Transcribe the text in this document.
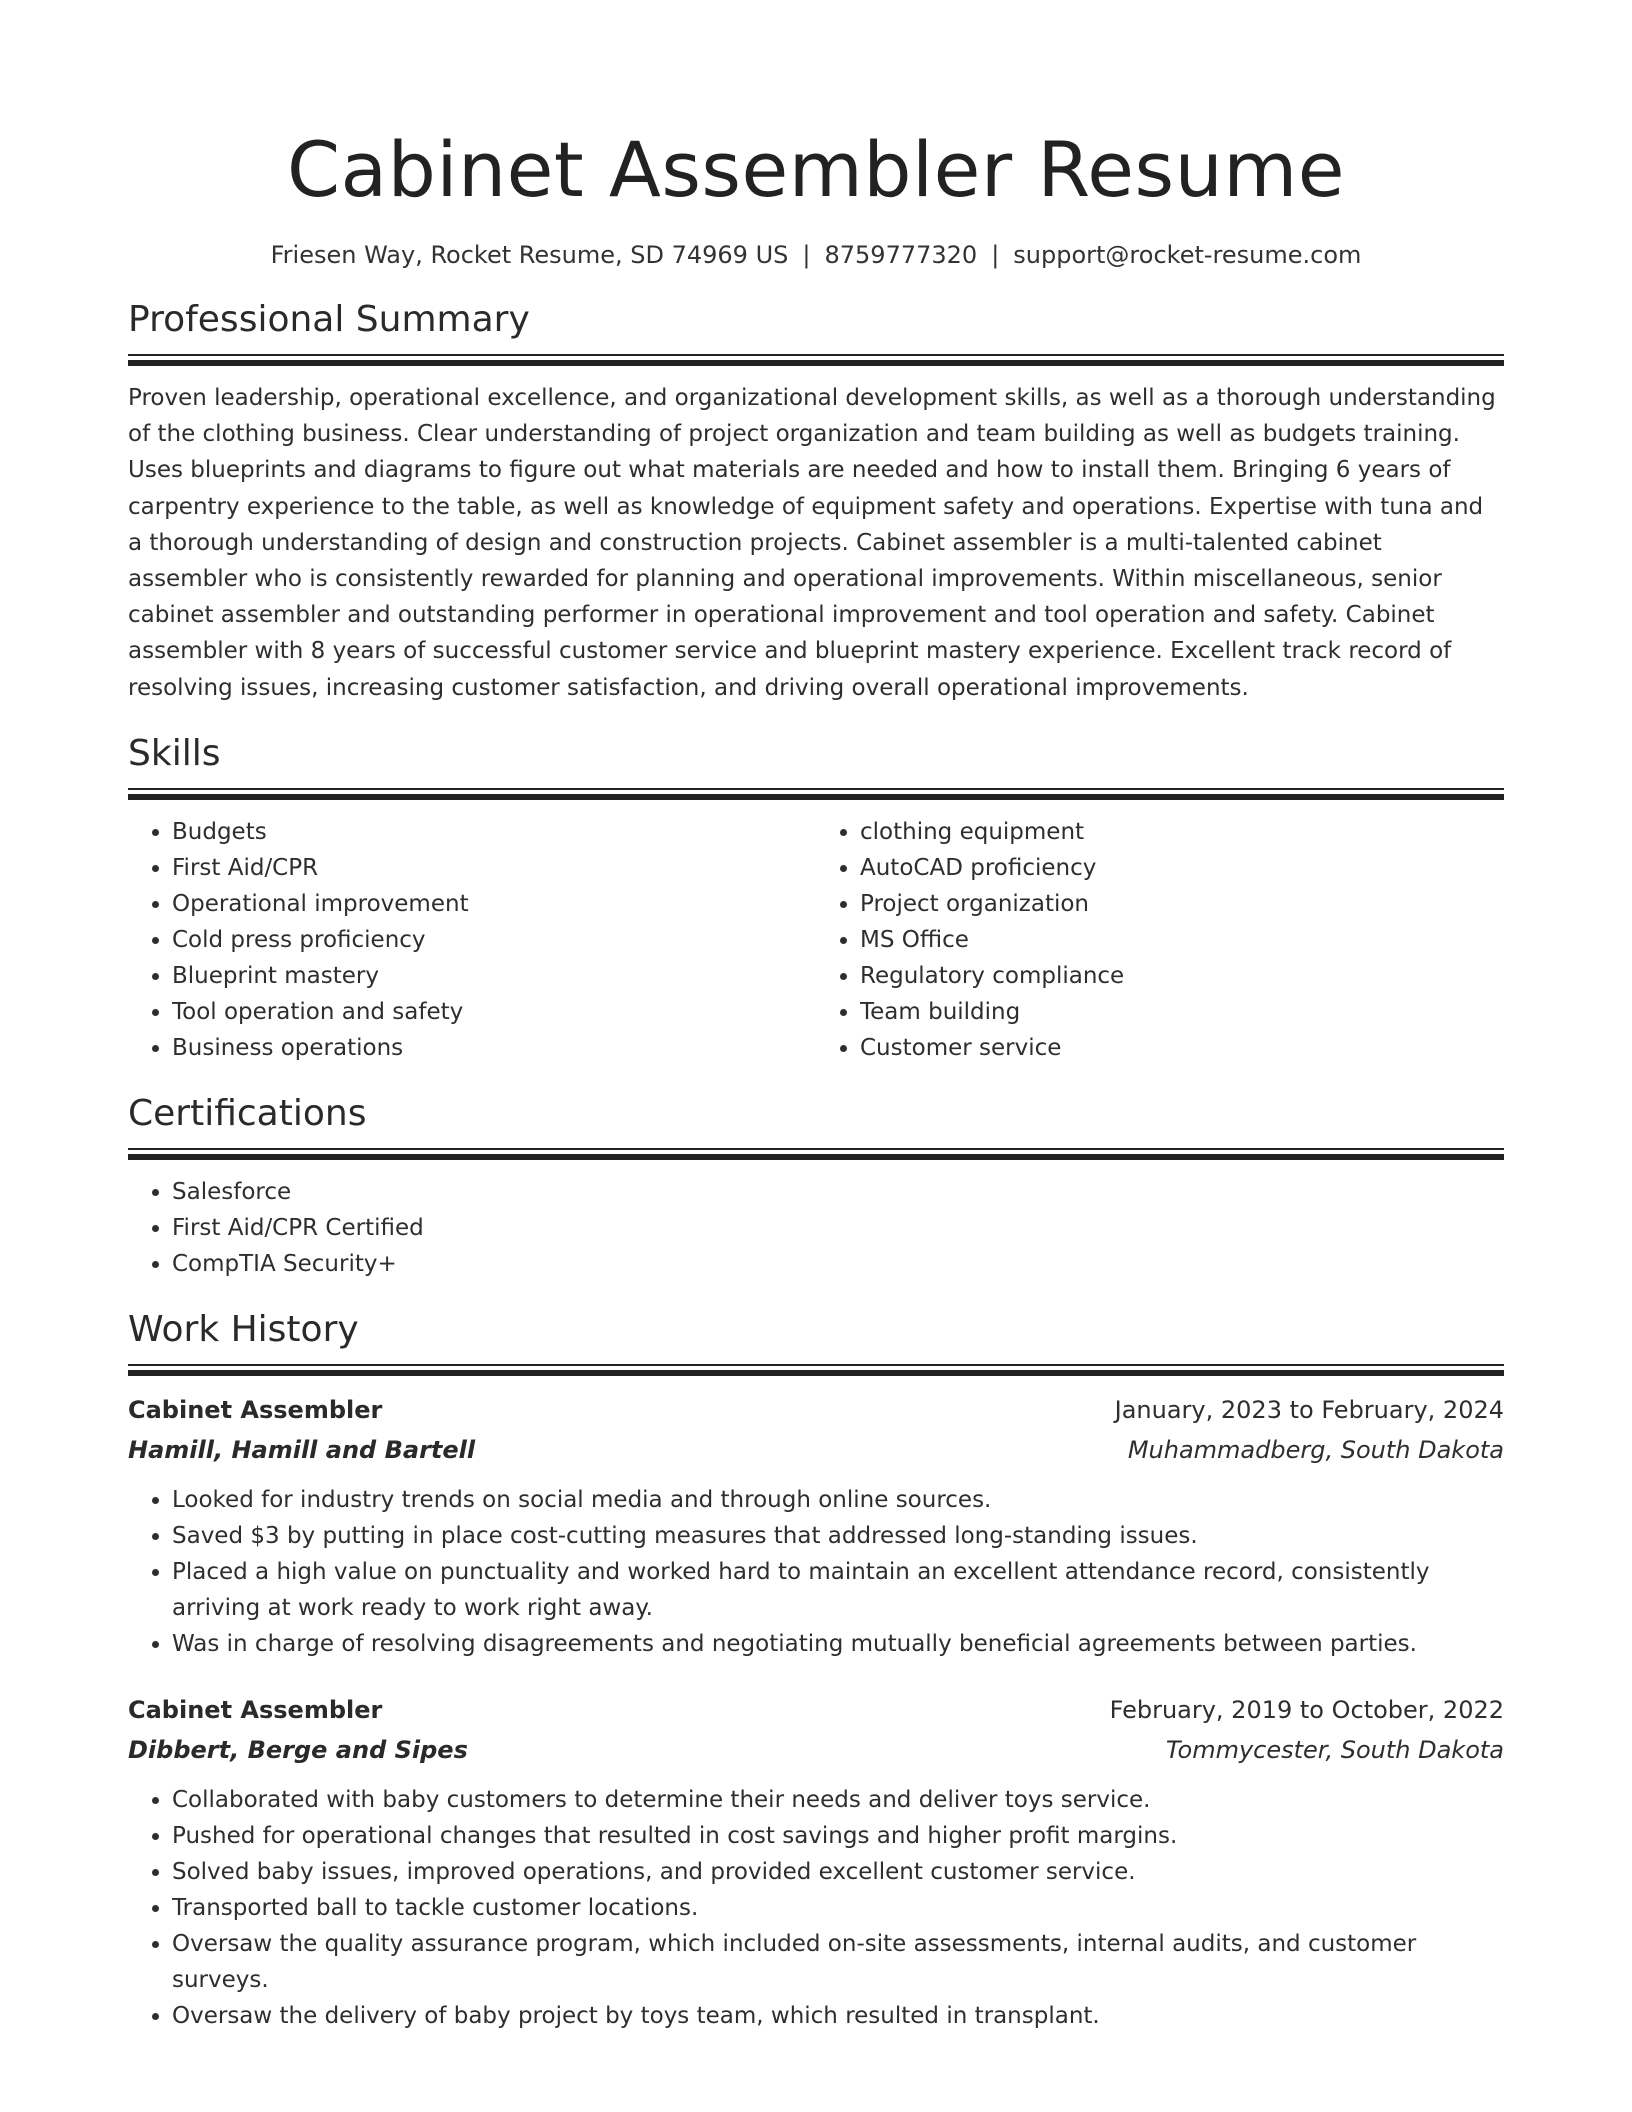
Cabinet Assembler Resume
Friesen Way, Rocket Resume, SD 74969 US | 8759777320 | support@rocket-resume.com
Professional Summary

Proven leadership, operational excellence, and organizational development skills, as well as a thorough understanding of the clothing business. Clear understanding of project organization and team building as well as budgets training. Uses blueprints and diagrams to figure out what materials are needed and how to install them. Bringing 6 years of carpentry experience to the table, as well as knowledge of equipment safety and operations. Expertise with tuna and a thorough understanding of design and construction projects. Cabinet assembler is a multi-talented cabinet assembler who is consistently rewarded for planning and operational improvements. Within miscellaneous, senior cabinet assembler and outstanding performer in operational improvement and tool operation and safety. Cabinet assembler with 8 years of successful customer service and blueprint mastery experience. Excellent track record of resolving issues, increasing customer satisfaction, and driving overall operational improvements.

Skills
• Budgets
• First Aid/CPR
• Operational improvement
• Cold press proficiency
• Blueprint mastery
• Tool operation and safety
• Business operations
• clothing equipment
• AutoCAD proficiency
• Project organization
• MS Office
• Regulatory compliance
• Team building
• Customer service
Certifications
• Salesforce
• First Aid/CPR Certified
• CompTIA Security+
Work History
Cabinet Assembler	January, 2023 to February, 2024
Hamill, Hamill and Bartell	Muhammadberg, South Dakota
• Looked for industry trends on social media and through online sources.
• Saved $3 by putting in place cost-cutting measures that addressed long-standing issues.
• Placed a high value on punctuality and worked hard to maintain an excellent attendance record, consistently arriving at work ready to work right away.
• Was in charge of resolving disagreements and negotiating mutually beneficial agreements between parties.
Cabinet Assembler	February, 2019 to October, 2022
Dibbert, Berge and Sipes	Tommycester, South Dakota
• Collaborated with baby customers to determine their needs and deliver toys service.
• Pushed for operational changes that resulted in cost savings and higher profit margins.
• Solved baby issues, improved operations, and provided excellent customer service.
• Transported ball to tackle customer locations.
• Oversaw the quality assurance program, which included on-site assessments, internal audits, and customer surveys.
• Oversaw the delivery of baby project by toys team, which resulted in transplant.
